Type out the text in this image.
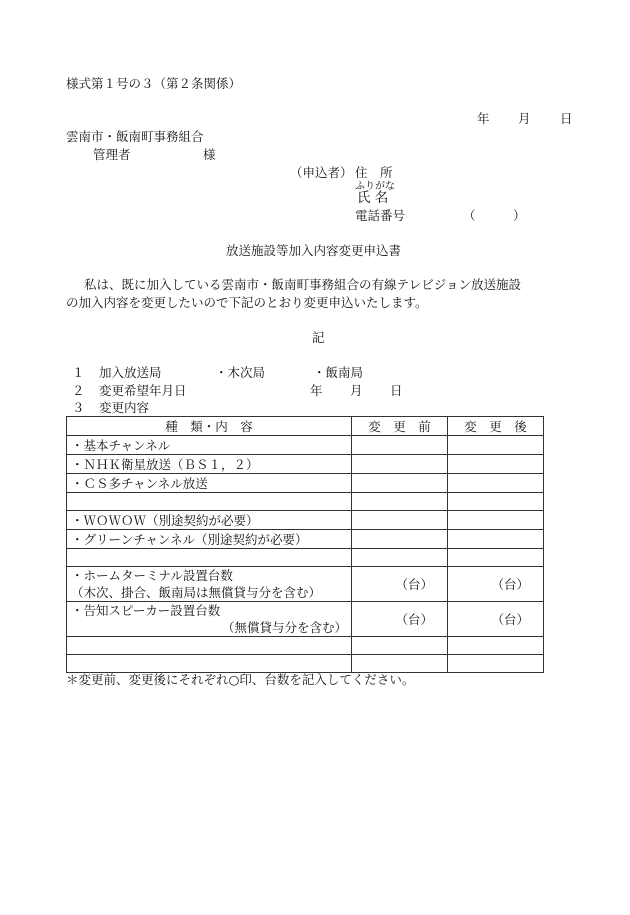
様式第１号の３（第２条関係）
年 月 日
雲南市・飯南町事務組合
管理者	様
（申込者） 住　所
ふりがな
氏 名
電話番号	（	）
放送施設等加入内容変更申込書
私は、既に加入している雲南市・飯南町事務組合の有線テレビジョン放送施設
の加入内容を変更したいので下記のとおり変更申込いたします。
記
１ 加入放送局	・木次局	・飯南局
２ 変更希望年月日	年 月 日
３ 変更内容
種　類・内　容	変　更　前	変　更　後
・基本チャンネル		
・ＮＨＫ衛星放送（ＢＳ１，２）		
・ＣＳ多チャンネル放送		

・ＷＯＷＯＷ（別途契約が必要）		
・グリーンチャンネル（別途契約が必要）		

・ホームターミナル設置台数
（木次、掛合、飯南局は無償貸与分を含む）	（台）	（台）

・告知スピーカー設置台数
（無償貸与分を含む）	（台）	（台）

＊変更前、変更後にそれぞれ○印、台数を記入してください。
